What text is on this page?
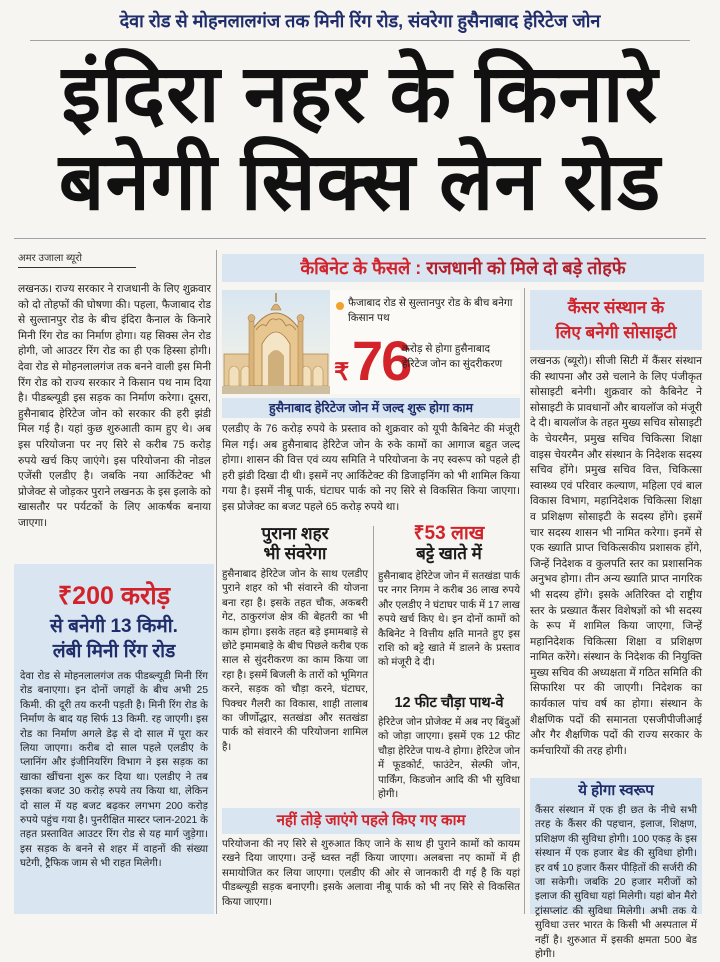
देवा रोड से मोहनलालगंज तक मिनी रिंग रोड, संवरेगा हुसैनाबाद हेरिटेज जोन
इंदिरा नहर के किनारे
बनेगी सिक्स लेन रोड
अमर उजाला ब्यूरो
लखनऊ। राज्य सरकार ने राजधानी के लिए शुक्रवार को दो तोहफों की घोषणा की। पहला, फैजाबाद रोड से सुल्तानपुर रोड के बीच इंदिरा कैनाल के किनारे मिनी रिंग रोड का निर्माण होगा। यह सिक्स लेन रोड होगी, जो आउटर रिंग रोड का ही एक हिस्सा होगी। देवा रोड से मोहनलालगंज तक बनने वाली इस मिनी रिंग रोड को राज्य सरकार ने किसान पथ नाम दिया है। पीडब्ल्यूडी इस सड़क का निर्माण करेगा। दूसरा, हुसैनाबाद हेरिटेज जोन को सरकार की हरी झंडी मिल गई है। यहां कुछ शुरुआती काम हुए थे। अब इस परियोजना पर नए सिरे से करीब 75 करोड़ रुपये खर्च किए जाएंगे। इस परियोजना की नोडल एजेंसी एलडीए है। जबकि नया आर्किटेक्ट भी प्रोजेक्ट से जोड़कर पुराने लखनऊ के इस इलाके को खासतौर पर पर्यटकों के लिए आकर्षक बनाया जाएगा।
₹200 करोड़
से बनेगी 13 किमी.
लंबी मिनी रिंग रोड
देवा रोड से मोहनलालगंज तक पीडब्ल्यूडी मिनी रिंग रोड बनाएगा। इन दोनों जगहों के बीच अभी 25 किमी. की दूरी तय करनी पड़ती है। मिनी रिंग रोड के निर्माण के बाद यह सिर्फ 13 किमी. रह जाएगी। इस रोड का निर्माण अगले डेढ़ से दो साल में पूरा कर लिया जाएगा। करीब दो साल पहले एलडीए के प्लानिंग और इंजीनियरिंग विभाग ने इस सड़क का खाका खींचना शुरू कर दिया था। एलडीए ने तब इसका बजट 30 करोड़ रुपये तय किया था, लेकिन दो साल में यह बजट बढ़कर लगभग 200 करोड़ रुपये पहुंच गया है। पुनरीक्षित मास्टर प्लान-2021 के तहत प्रस्तावित आउटर रिंग रोड से यह मार्ग जुड़ेगा। इस सड़क के बनने से शहर में वाहनों की संख्या घटेगी, ट्रैफिक जाम से भी राहत मिलेगी।
कैबिनेट के फैसले : राजधानी को मिले दो बड़े तोहफे
फैजाबाद रोड से सुल्तानपुर रोड के बीच बनेगा किसान पथ
₹ 76
करोड़ से होगा हुसैनाबाद हेरिटेज जोन का सुंदरीकरण
हुसैनाबाद हेरिटेज जोन में जल्द शुरू होगा काम
एलडीए के 76 करोड़ रुपये के प्रस्ताव को शुक्रवार को यूपी कैबिनेट की मंजूरी मिल गई। अब हुसैनाबाद हेरिटेज जोन के रुके कामों का आगाज बहुत जल्द होगा। शासन की वित्त एवं व्यय समिति ने परियोजना के नए स्वरूप को पहले ही हरी झंडी दिखा दी थी। इसमें नए आर्किटेक्ट की डिजाइनिंग को भी शामिल किया गया है। इसमें नीबू पार्क, घंटाघर पार्क को नए सिरे से विकसित किया जाएगा। इस प्रोजेक्ट का बजट पहले 65 करोड़ रुपये था।
पुराना शहर
भी संवरेगा
हुसैनाबाद हेरिटेज जोन के साथ एलडीए पुराने शहर को भी संवारने की योजना बना रहा है। इसके तहत चौक, अकबरी गेट, ठाकुरगंज क्षेत्र की बेहतरी का भी काम होगा। इसके तहत बड़े इमामबाड़े से छोटे इमामबाड़े के बीच पिछले करीब एक साल से सुंदरीकरण का काम किया जा रहा है। इसमें बिजली के तारों को भूमिगत करने, सड़क को चौड़ा करने, घंटाघर, पिक्चर गैलरी का विकास, शाही तालाब का जीर्णोद्धार, सतखंडा और सतखंडा पार्क को संवारने की परियोजना शामिल है।
₹53 लाख
बट्टे खाते में
हुसैनाबाद हेरिटेज जोन में सतखंडा पार्क पर नगर निगम ने करीब 36 लाख रुपये और एलडीए ने घंटाघर पार्क में 17 लाख रुपये खर्च किए थे। इन दोनों कामों को कैबिनेट ने वित्तीय क्षति मानते हुए इस राशि को बट्टे खाते में डालने के प्रस्ताव को मंजूरी दे दी।
12 फीट चौड़ा पाथ-वे
हेरिटेज जोन प्रोजेक्ट में अब नए बिंदुओं को जोड़ा जाएगा। इसमें एक 12 फीट चौड़ा हेरिटेज पाथ-वे होगा। हेरिटेज जोन में फूडकोर्ट, फाउंटेन, सेल्फी जोन, पार्किंग, किडजोन आदि की भी सुविधा होगी।
नहीं तोड़े जाएंगे पहले किए गए काम
परियोजना की नए सिरे से शुरुआत किए जाने के साथ ही पुराने कामों को कायम रखने दिया जाएगा। उन्हें ध्वस्त नहीं किया जाएगा। अलबत्ता नए कामों में ही समायोजित कर लिया जाएगा। एलडीए की ओर से जानकारी दी गई है कि यहां पीडब्ल्यूडी सड़क बनाएगी। इसके अलावा नीबू पार्क को भी नए सिरे से विकसित किया जाएगा।
कैंसर संस्थान के
लिए बनेगी सोसाइटी
लखनऊ (ब्यूरो)। सीजी सिटी में कैंसर संस्थान की स्थापना और उसे चलाने के लिए पंजीकृत सोसाइटी बनेगी। शुक्रवार को कैबिनेट ने सोसाइटी के प्रावधानों और बायलॉज को मंजूरी दे दी। बायलॉज के तहत मुख्य सचिव सोसाइटी के चेयरमैन, प्रमुख सचिव चिकित्सा शिक्षा वाइस चेयरमैन और संस्थान के निदेशक सदस्य सचिव होंगे। प्रमुख सचिव वित्त, चिकित्सा स्वास्थ्य एवं परिवार कल्याण, महिला एवं बाल विकास विभाग, महानिदेशक चिकित्सा शिक्षा व प्रशिक्षण सोसाइटी के सदस्य होंगे। इसमें चार सदस्य शासन भी नामित करेगा। इनमें से एक ख्याति प्राप्त चिकित्सकीय प्रशासक होंगे, जिन्हें निदेशक व कुलपति स्तर का प्रशासनिक अनुभव होगा। तीन अन्य ख्याति प्राप्त नागरिक भी सदस्य होंगे। इसके अतिरिक्त दो राष्ट्रीय स्तर के प्रख्यात कैंसर विशेषज्ञों को भी सदस्य के रूप में शामिल किया जाएगा, जिन्हें महानिदेशक चिकित्सा शिक्षा व प्रशिक्षण नामित करेंगे। संस्थान के निदेशक की नियुक्ति मुख्य सचिव की अध्यक्षता में गठित समिति की सिफारिश पर की जाएगी। निदेशक का कार्यकाल पांच वर्ष का होगा। संस्थान के शैक्षणिक पदों की समानता एसजीपीजीआई और गैर शैक्षणिक पदों की राज्य सरकार के कर्मचारियों की तरह होगी।
ये होगा स्वरूप
कैंसर संस्थान में एक ही छत के नीचे सभी तरह के कैंसर की पहचान, इलाज, शिक्षण, प्रशिक्षण की सुविधा होगी। 100 एकड़ के इस संस्थान में एक हजार बेड की सुविधा होगी। हर वर्ष 10 हजार कैंसर पीड़ितों की सर्जरी की जा सकेगी। जबकि 20 हजार मरीजों को इलाज की सुविधा यहां मिलेगी। यहां बोन मैरो ट्रांसप्लांट की सुविधा मिलेगी। अभी तक ये सुविधा उत्तर भारत के किसी भी अस्पताल में नहीं है। शुरुआत में इसकी क्षमता 500 बेड होगी।
